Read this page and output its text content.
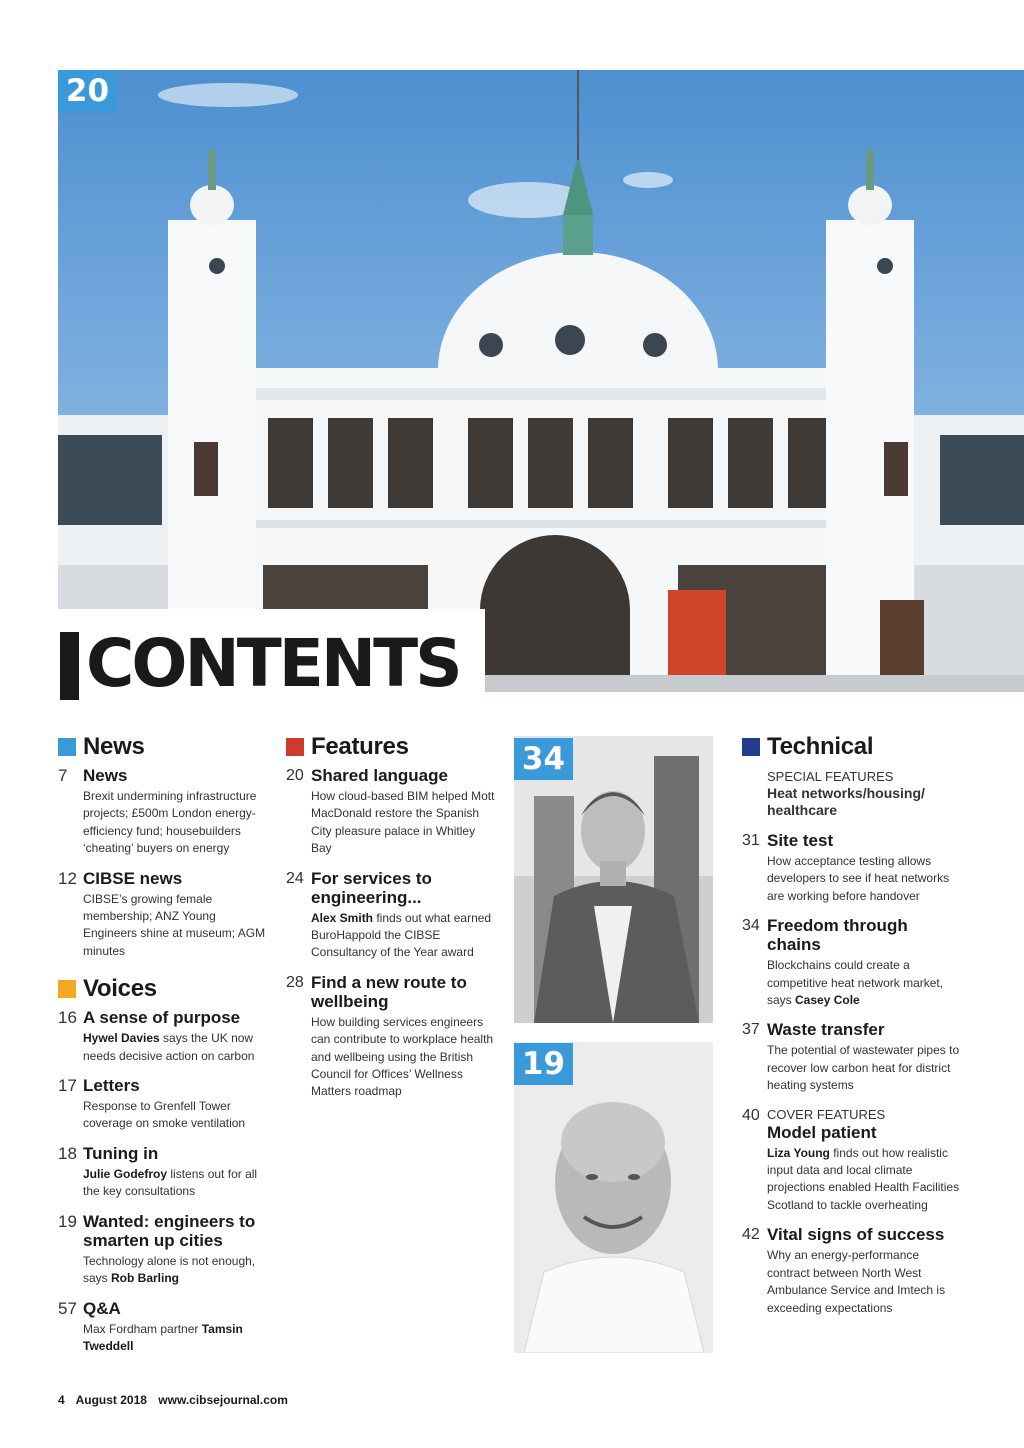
20
CONTENTS
News
7 News
Brexit undermining infrastructure projects; £500m London energy-efficiency fund; housebuilders ‘cheating’ buyers on energy
12 CIBSE news
CIBSE’s growing female membership; ANZ Young Engineers shine at museum; AGM minutes
Voices
16 A sense of purpose
Hywel Davies says the UK now needs decisive action on carbon
17 Letters
Response to Grenfell Tower coverage on smoke ventilation
18 Tuning in
Julie Godefroy listens out for all the key consultations
19 Wanted: engineers to smarten up cities
Technology alone is not enough, says Rob Barling
57 Q&A
Max Fordham partner Tamsin Tweddell
Features
20 Shared language
How cloud-based BIM helped Mott MacDonald restore the Spanish City pleasure palace in Whitley Bay
24 For services to engineering...
Alex Smith finds out what earned BuroHappold the CIBSE Consultancy of the Year award
28 Find a new route to wellbeing
How building services engineers can contribute to workplace health and wellbeing using the British Council for Offices’ Wellness Matters roadmap
34
19
Technical
SPECIAL FEATURES
Heat networks/housing/ healthcare
31 Site test
How acceptance testing allows developers to see if heat networks are working before handover
34 Freedom through chains
Blockchains could create a competitive heat network market, says Casey Cole
37 Waste transfer
The potential of wastewater pipes to recover low carbon heat for district heating systems
40 COVER FEATURES
Model patient
Liza Young finds out how realistic input data and local climate projections enabled Health Facilities Scotland to tackle overheating
42 Vital signs of success
Why an energy-performance contract between North West Ambulance Service and Imtech is exceeding expectations
4 August 2018 www.cibsejournal.com
